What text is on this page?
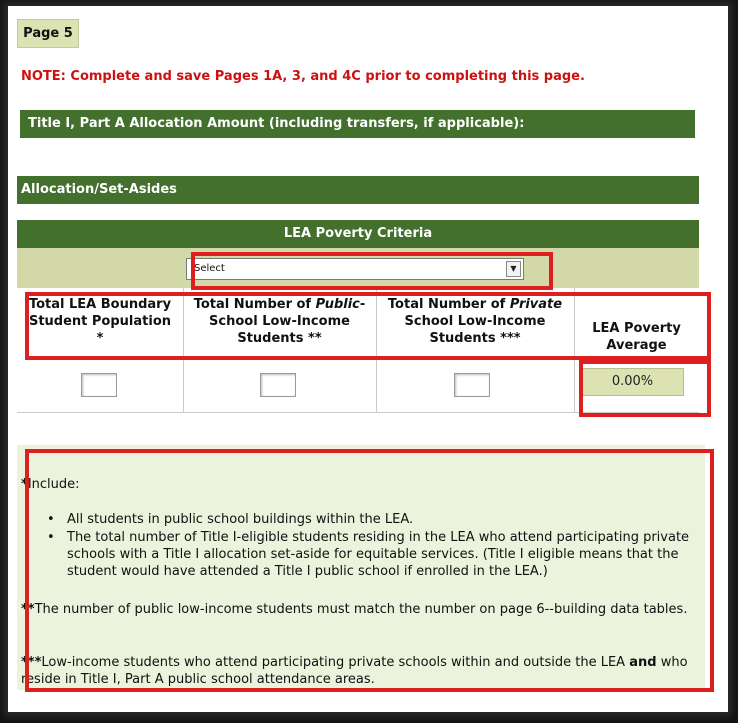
Page 5
NOTE: Complete and save Pages 1A, 3, and 4C prior to completing this page.
Title I, Part A Allocation Amount (including transfers, if applicable):
Allocation/Set-Asides
LEA Poverty Criteria
Select	▼
Total LEA Boundary
Student Population
*
Total Number of Public-
School Low-Income
Students **
Total Number of Private
School Low-Income
Students ***
LEA Poverty
Average
0.00%

*Include:

• All students in public school buildings within the LEA.
• The total number of Title I-eligible students residing in the LEA who attend participating private schools with a Title I allocation set-aside for equitable services. (Title I eligible means that the student would have attended a Title I public school if enrolled in the LEA.)

**The number of public low-income students must match the number on page 6--building data tables.

***Low-income students who attend participating private schools within and outside the LEA and who reside in Title I, Part A public school attendance areas.
